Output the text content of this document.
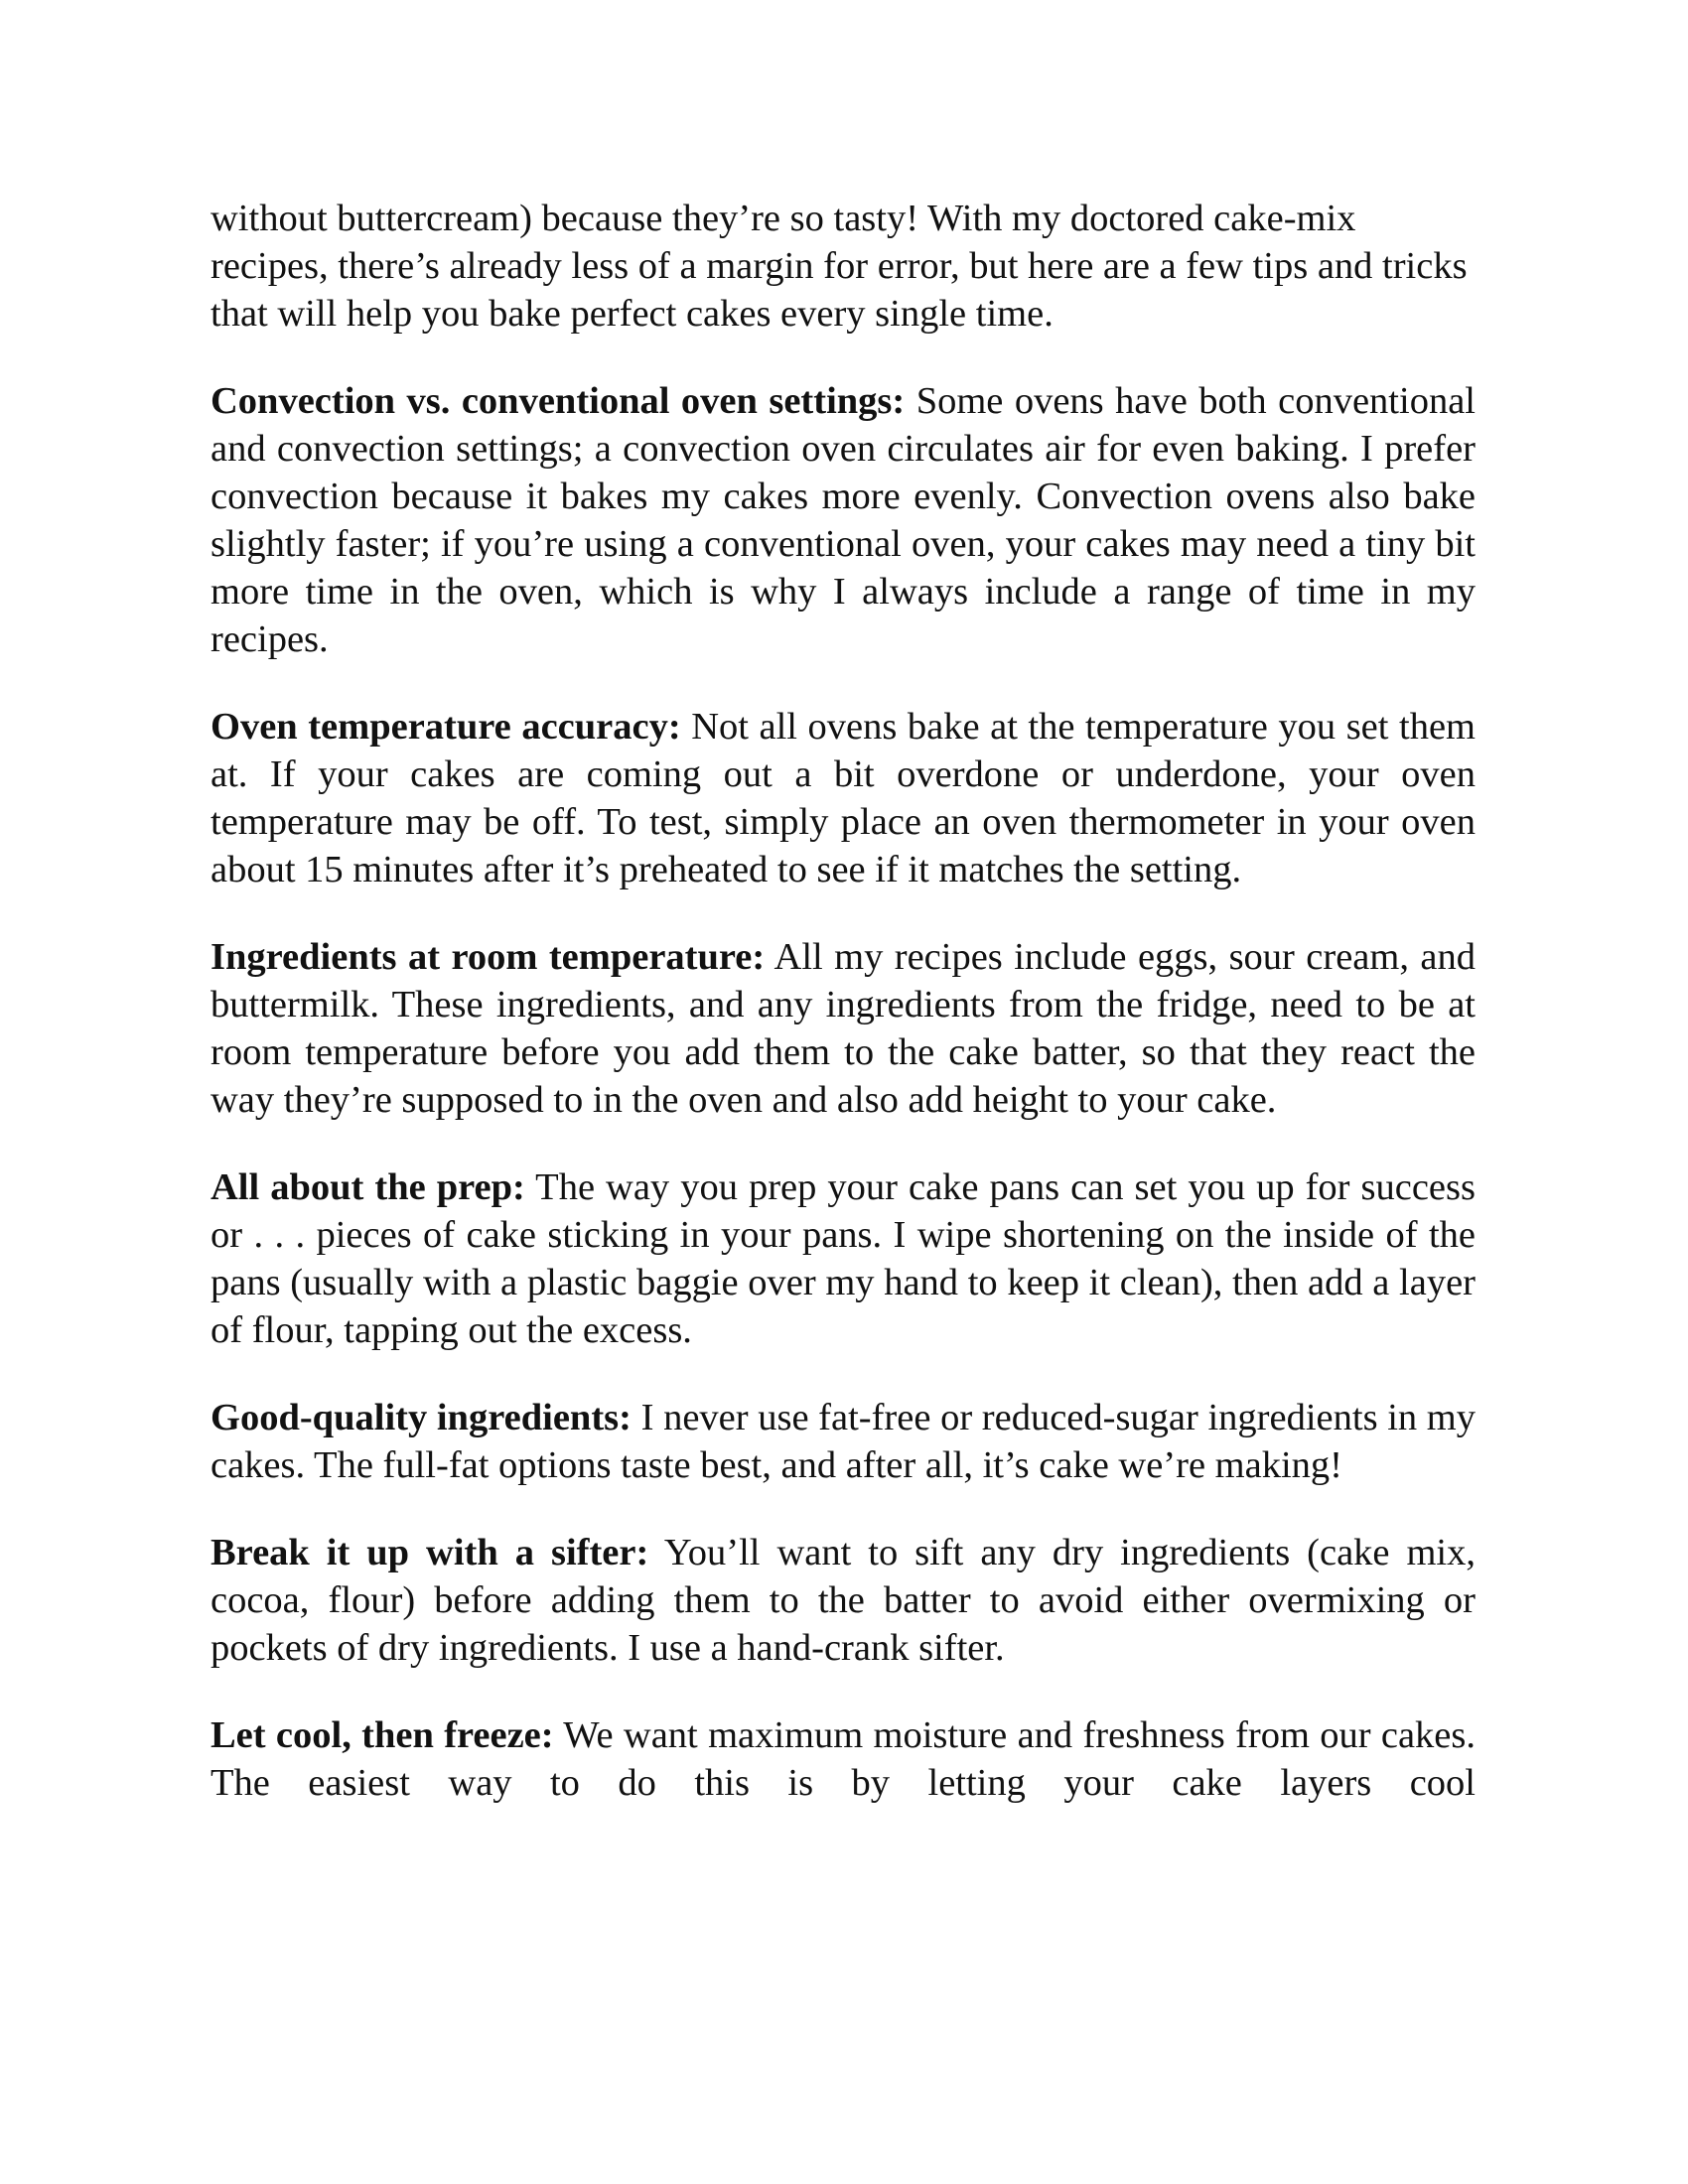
without buttercream) because they’re so tasty! With my doctored cake-mix recipes, there’s already less of a margin for error, but here are a few tips and tricks that will help you bake perfect cakes every single time.

Convection vs. conventional oven settings: Some ovens have both conventional and convection settings; a convection oven circulates air for even baking. I prefer convection because it bakes my cakes more evenly. Convection ovens also bake slightly faster; if you’re using a conventional oven, your cakes may need a tiny bit more time in the oven, which is why I always include a range of time in my recipes.

Oven temperature accuracy: Not all ovens bake at the temperature you set them at. If your cakes are coming out a bit overdone or underdone, your oven temperature may be off. To test, simply place an oven thermometer in your oven about 15 minutes after it’s preheated to see if it matches the setting.

Ingredients at room temperature: All my recipes include eggs, sour cream, and buttermilk. These ingredients, and any ingredients from the fridge, need to be at room temperature before you add them to the cake batter, so that they react the way they’re supposed to in the oven and also add height to your cake.

All about the prep: The way you prep your cake pans can set you up for success or . . . pieces of cake sticking in your pans. I wipe shortening on the inside of the pans (usually with a plastic baggie over my hand to keep it clean), then add a layer of flour, tapping out the excess.

Good-quality ingredients: I never use fat-free or reduced-sugar ingredients in my cakes. The full-fat options taste best, and after all, it’s cake we’re making!

Break it up with a sifter: You’ll want to sift any dry ingredients (cake mix, cocoa, flour) before adding them to the batter to avoid either overmixing or pockets of dry ingredients. I use a hand-crank sifter.

Let cool, then freeze: We want maximum moisture and freshness from our cakes. The easiest way to do this is by letting your cake layers cool
